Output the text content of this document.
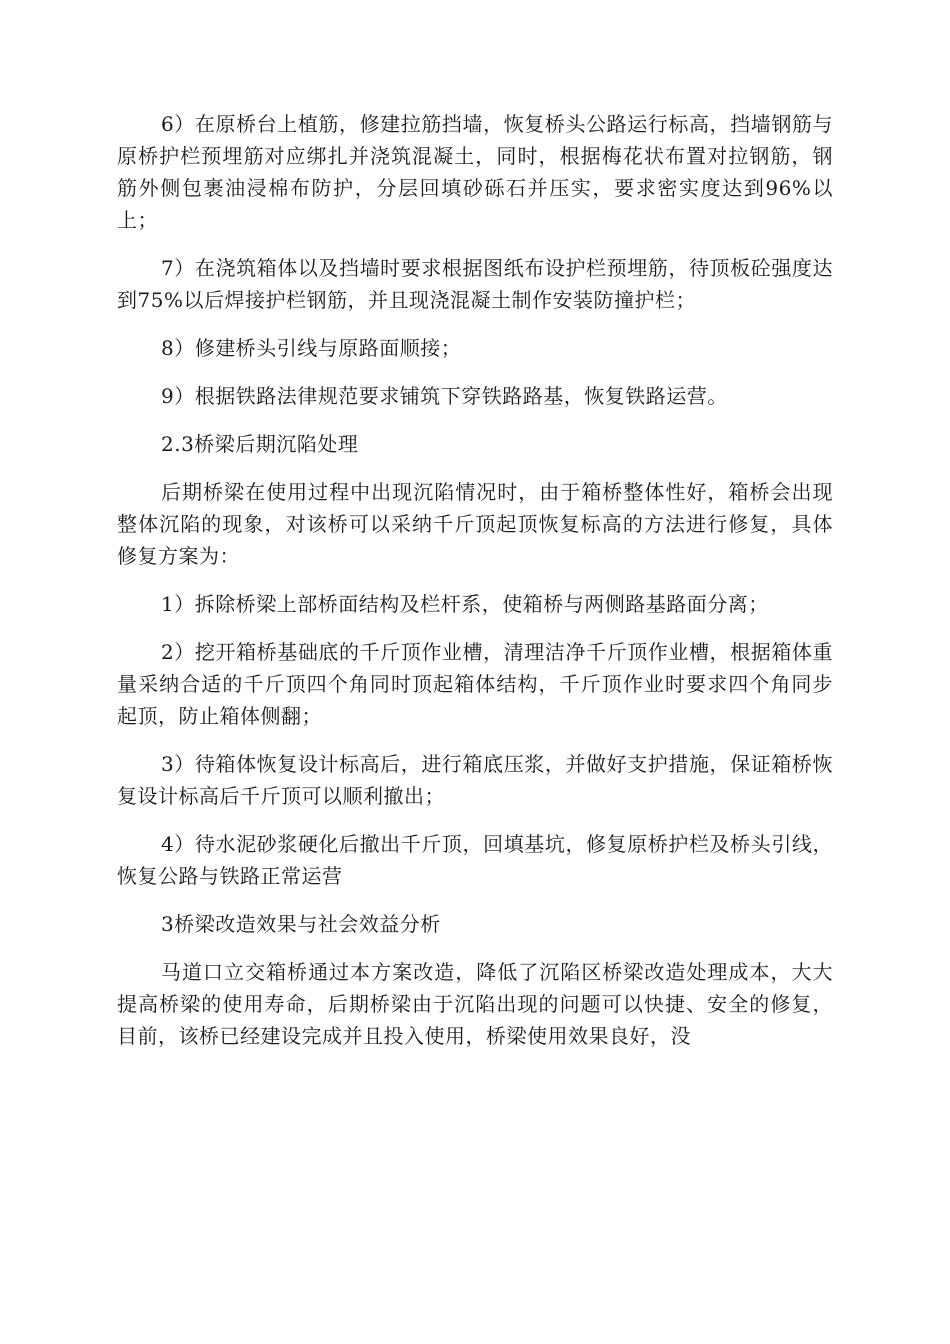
6）在原桥台上植筋，修建拉筋挡墙，恢复桥头公路运行标高，挡墙钢筋与原桥护栏预埋筋对应绑扎并浇筑混凝土，同时，根据梅花状布置对拉钢筋，钢筋外侧包裹油浸棉布防护，分层回填砂砾石并压实，要求密实度达到96%以上；

7）在浇筑箱体以及挡墙时要求根据图纸布设护栏预埋筋，待顶板砼强度达到75%以后焊接护栏钢筋，并且现浇混凝土制作安装防撞护栏；

8）修建桥头引线与原路面顺接；

9）根据铁路法律规范要求铺筑下穿铁路路基，恢复铁路运营。

2.3桥梁后期沉陷处理

后期桥梁在使用过程中出现沉陷情况时，由于箱桥整体性好，箱桥会出现整体沉陷的现象，对该桥可以采纳千斤顶起顶恢复标高的方法进行修复，具体修复方案为：

1）拆除桥梁上部桥面结构及栏杆系，使箱桥与两侧路基路面分离；

2）挖开箱桥基础底的千斤顶作业槽，清理洁净千斤顶作业槽，根据箱体重量采纳合适的千斤顶四个角同时顶起箱体结构，千斤顶作业时要求四个角同步起顶，防止箱体侧翻；

3）待箱体恢复设计标高后，进行箱底压浆，并做好支护措施，保证箱桥恢复设计标高后千斤顶可以顺利撤出；

4）待水泥砂浆硬化后撤出千斤顶，回填基坑，修复原桥护栏及桥头引线，恢复公路与铁路正常运营

3桥梁改造效果与社会效益分析

马道口立交箱桥通过本方案改造，降低了沉陷区桥梁改造处理成本，大大提高桥梁的使用寿命，后期桥梁由于沉陷出现的问题可以快捷、安全的修复，目前，该桥已经建设完成并且投入使用，桥梁使用效果良好，没
